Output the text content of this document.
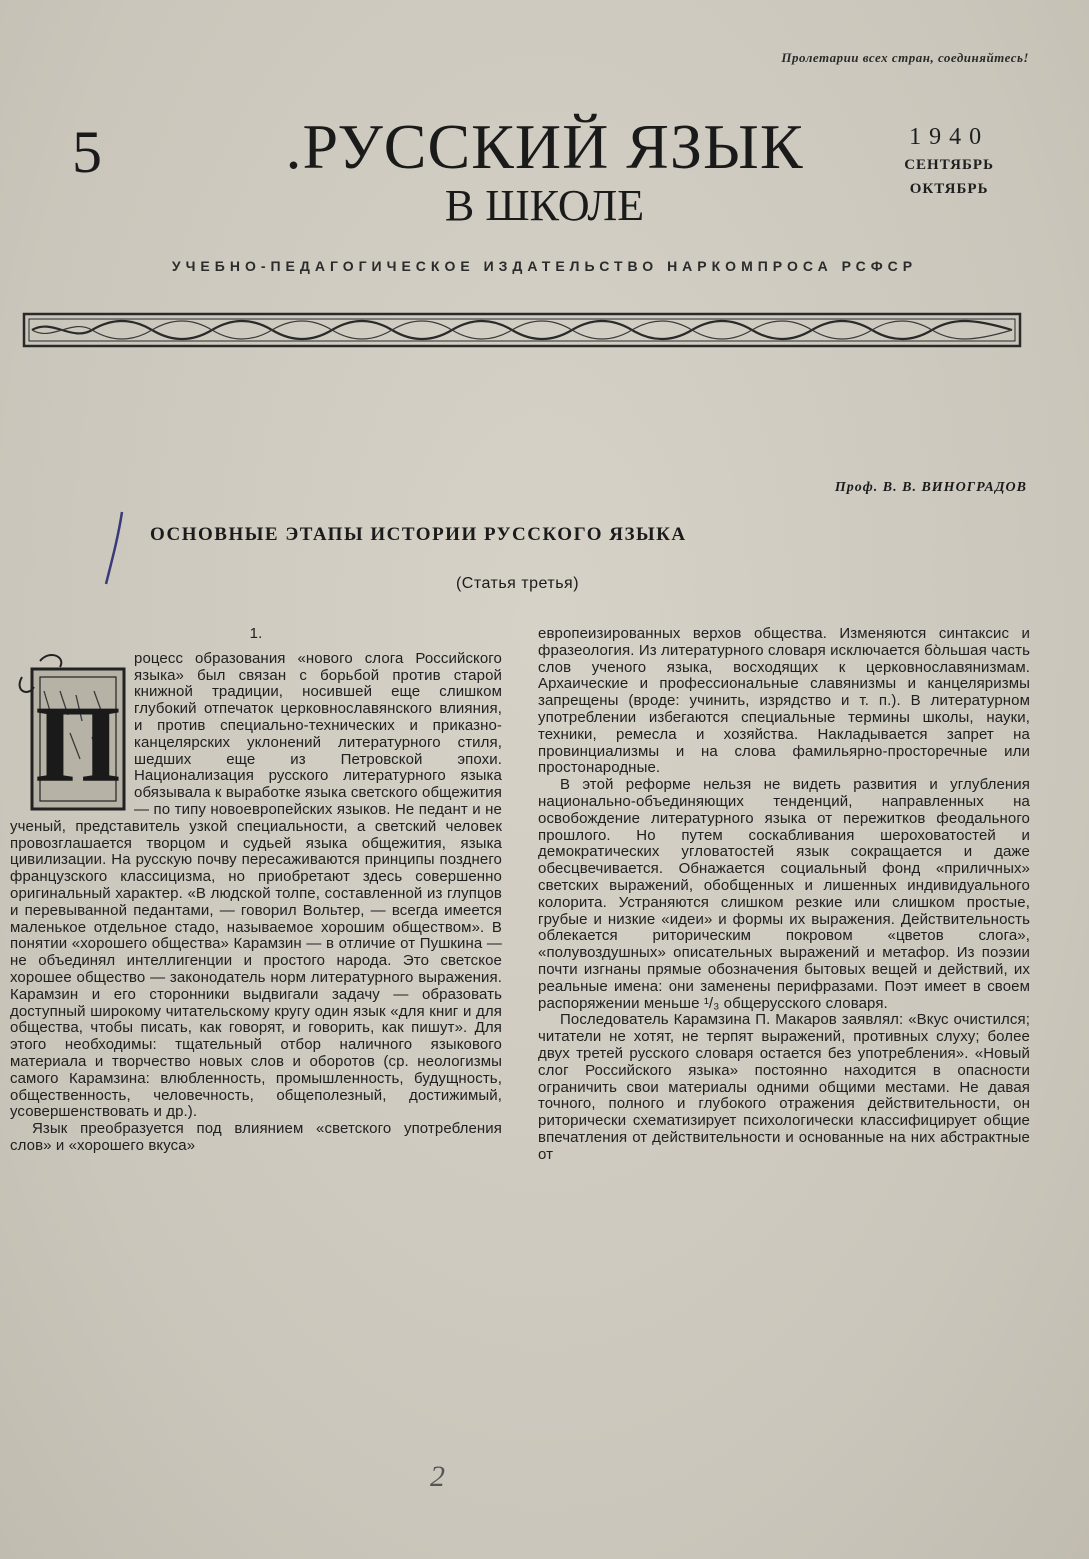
Пролетарии всех стран, соединяйтесь!
5	.РУССКИЙ ЯЗЫК
В ШКОЛЕ
1940
СЕНТЯБРЬ
ОКТЯБРЬ
УЧЕБНО-ПЕДАГОГИЧЕСКОЕ ИЗДАТЕЛЬСТВО НАРКОМПРОСА РСФСР
Проф. В. В. ВИНОГРАДОВ
ОСНОВНЫЕ ЭТАПЫ ИСТОРИИ РУССКОГО ЯЗЫКА
(Статья третья)
1.
П

роцесс образования «нового слога Российского языка» был связан с борьбой против старой книжной традиции, носившей еще слишком глубокий отпечаток церковнославянского влияния, и против специально-технических и приказно-канцелярских уклонений литературного стиля, шедших еще из Петровской эпохи. Национализация русского литературного языка обязывала к выработке языка светского общежития — по типу новоевропейских языков. Не педант и не ученый, представитель узкой специальности, а светский человек провозглашается творцом и судьей языка общежития, языка цивилизации. На русскую почву пересаживаются принципы позднего французского классицизма, но приобретают здесь совершенно оригинальный характер. «В людской толпе, составленной из глупцов и перевыванной педантами, — говорил Вольтер, — всегда имеется маленькое отдельное стадо, называемое хорошим обществом». В понятии «хорошего общества» Карамзин — в отличие от Пушкина — не объединял интеллигенции и простого народа. Это светское хорошее общество — законодатель норм литературного выражения. Карамзин и его сторонники выдвигали задачу — образовать доступный широкому читательскому кругу один язык «для книг и для общества, чтобы писать, как говорят, и говорить, как пишут». Для этого необходимы: тщательный отбор наличного языкового материала и творчество новых слов и оборотов (ср. неологизмы самого Карамзина: влюбленность, промышленность, будущность, общественность, человечность, общеполезный, достижимый, усовершенствовать и др.).

Язык преобразуется под влиянием «светского употребления слов» и «хорошего вкуса»

европеизированных верхов общества. Изменяются синтаксис и фразеология. Из литературного словаря исключается бо̀льшая часть слов ученого языка, восходящих к церковнославянизмам. Архаические и профессиональные славянизмы и канцеляризмы запрещены (вроде: учинить, изрядство и т. п.). В литературном употреблении избегаются специальные термины школы, науки, техники, ремесла и хозяйства. Накладывается запрет на провинциализмы и на слова фамильярно-просторечные или простонародные.

В этой реформе нельзя не видеть развития и углубления национально-объединяющих тенденций, направленных на освобождение литературного языка от пережитков феодального прошлого. Но путем соскабливания шероховатостей и демократических угловатостей язык сокращается и даже обесцвечивается. Обнажается социальный фонд «приличных» светских выражений, обобщенных и лишенных индивидуального колорита. Устраняются слишком резкие или слишком простые, грубые и низкие «идеи» и формы их выражения. Действительность облекается риторическим покровом «цветов слога», «полувоздушных» описательных выражений и метафор. Из поэзии почти изгнаны прямые обозначения бытовых вещей и действий, их реальные имена: они заменены перифразами. Поэт имеет в своем распоряжении меньше ¹/₃ общерусского словаря.

Последователь Карамзина П. Макаров заявлял: «Вкус очистился; читатели не хотят, не терпят выражений, противных слуху; более двух третей русского словаря остается без употребления». «Новый слог Российского языка» постоянно находится в опасности ограничить свои материалы одними общими местами. Не давая точного, полного и глубокого отражения действительности, он риторически схематизирует психологически классифицирует общие впечатления от действительности и основанные на них абстрактные от

2
